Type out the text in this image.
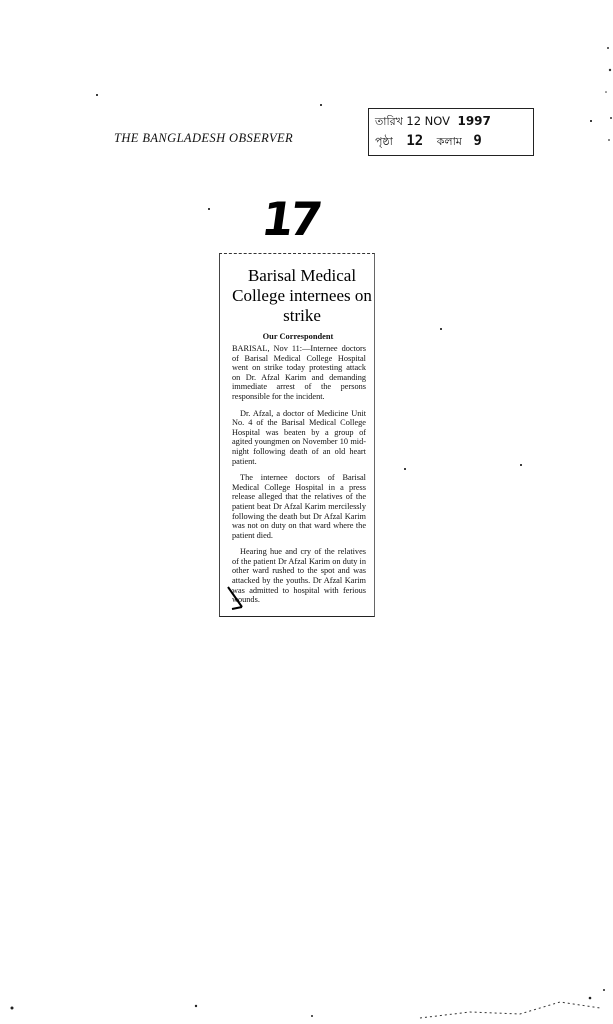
THE BANGLADESH OBSERVER
তারিখ 12 NOV 1997
পৃষ্ঠা 12 কলাম 9
17
Barisal Medical College internees on strike
Our Correspondent

BARISAL, Nov 11:—Internee doctors of Barisal Medical College Hospital went on strike today protesting attack on Dr. Afzal Karim and demanding immediate arrest of the persons responsible for the incident.

Dr. Afzal, a doctor of Medicine Unit No. 4 of the Barisal Medical College Hospital was beaten by a group of agited youngmen on November 10 mid-night following death of an old heart patient.

The internee doctors of Barisal Medical College Hospital in a press release alleged that the relatives of the patient beat Dr Afzal Karim mercilessly following the death but Dr Afzal Karim was not on duty on that ward where the patient died.

Hearing hue and cry of the relatives of the patient Dr Afzal Karim on duty in other ward rushed to the spot and was attacked by the youths. Dr Afzal Karim was admitted to hospital with ferious wounds.
